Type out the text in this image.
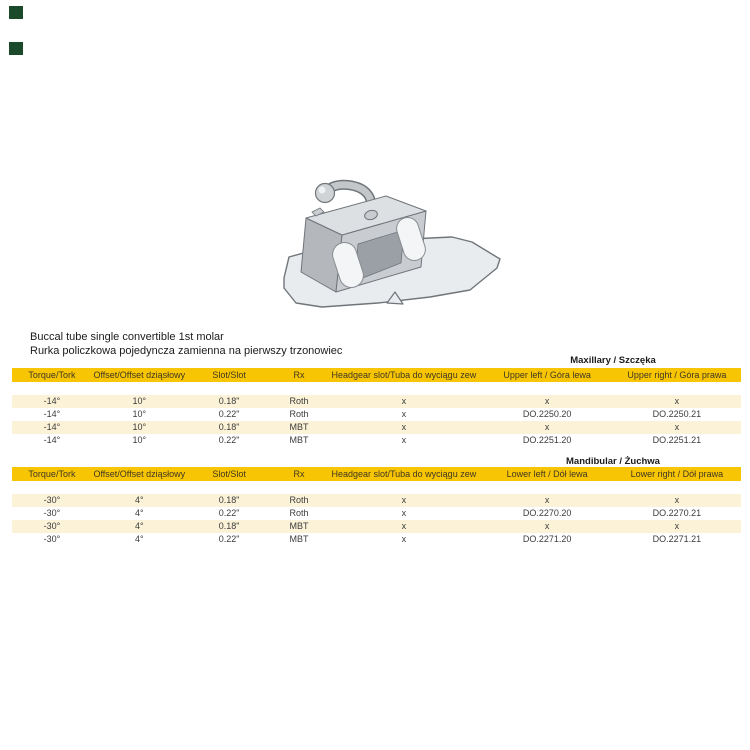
Buccal tube single convertible 1st molar
Rurka policzkowa pojedyncza zamienna na pierwszy trzonowiec
Maxillary / Szczęka
Torque/Tork	Offset/Offset dziąsłowy	Slot/Slot	Rx	Headgear slot/Tuba do wyciągu zew	Upper left / Góra lewa	Upper right / Góra prawa
-14°	10°	0.18"	Roth	x	x	x
-14°	10°	0.22"	Roth	x	DO.2250.20	DO.2250.21
-14°	10°	0.18"	MBT	x	x	x
-14°	10°	0.22"	MBT	x	DO.2251.20	DO.2251.21
Mandibular / Żuchwa
Torque/Tork	Offset/Offset dziąsłowy	Slot/Slot	Rx	Headgear slot/Tuba do wyciągu zew	Lower left / Dół lewa	Lower right / Dół prawa
-30°	4°	0.18"	Roth	x	x	x
-30°	4°	0.22"	Roth	x	DO.2270.20	DO.2270.21
-30°	4°	0.18"	MBT	x	x	x
-30°	4°	0.22"	MBT	x	DO.2271.20	DO.2271.21
